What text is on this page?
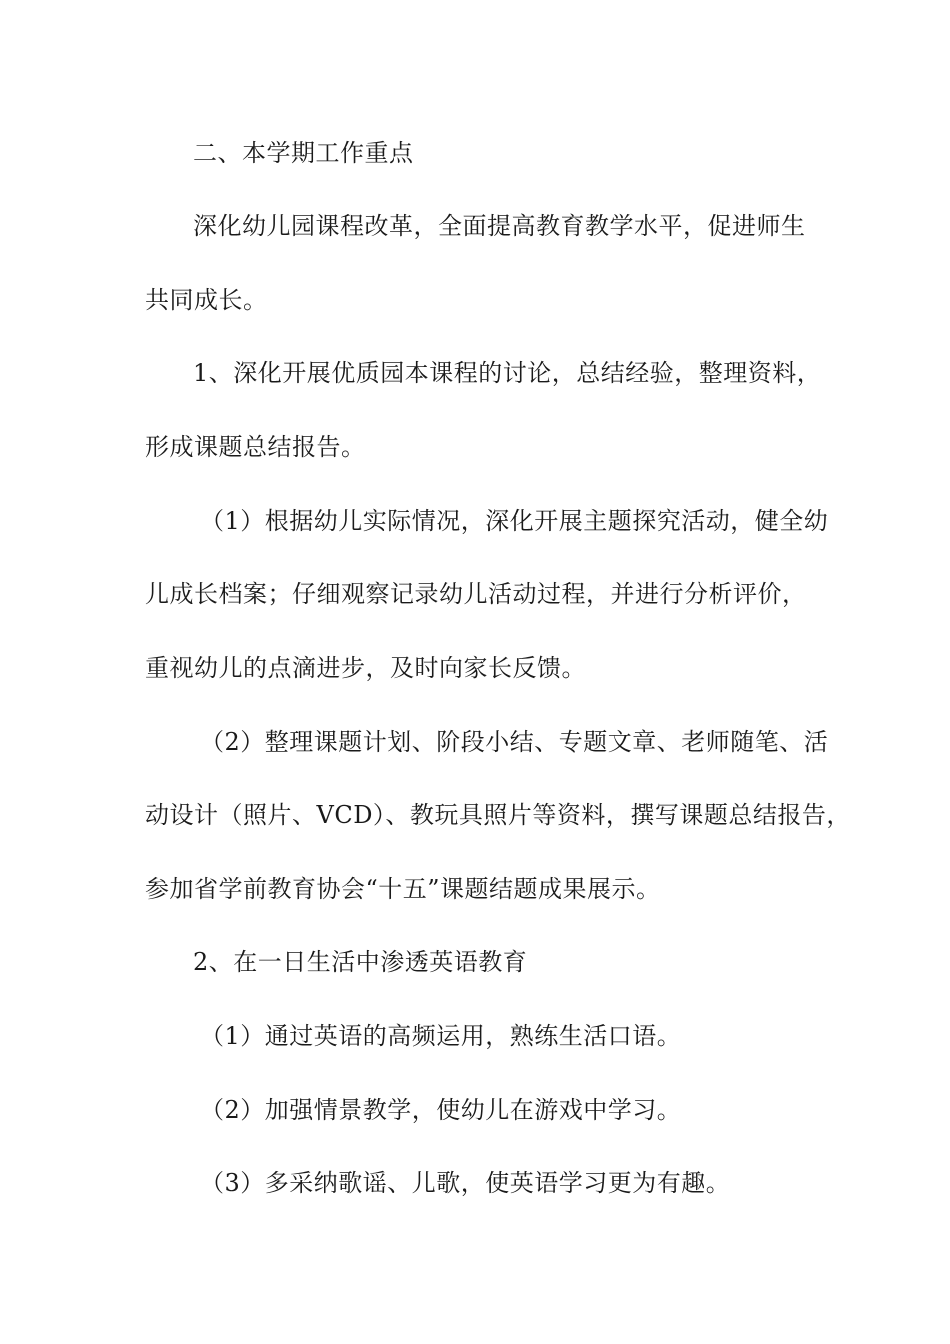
二、本学期工作重点
深化幼儿园课程改革，全面提高教育教学水平，促进师生
共同成长。
1、深化开展优质园本课程的讨论，总结经验，整理资料，
形成课题总结报告。
（1）根据幼儿实际情况，深化开展主题探究活动，健全幼
儿成长档案；仔细观察记录幼儿活动过程，并进行分析评价，
重视幼儿的点滴进步，及时向家长反馈。
（2）整理课题计划、阶段小结、专题文章、老师随笔、活
动设计（照片、VCD）、教玩具照片等资料，撰写课题总结报告，
参加省学前教育协会“十五”课题结题成果展示。
2、在一日生活中渗透英语教育
（1）通过英语的高频运用，熟练生活口语。
（2）加强情景教学，使幼儿在游戏中学习。
（3）多采纳歌谣、儿歌，使英语学习更为有趣。
